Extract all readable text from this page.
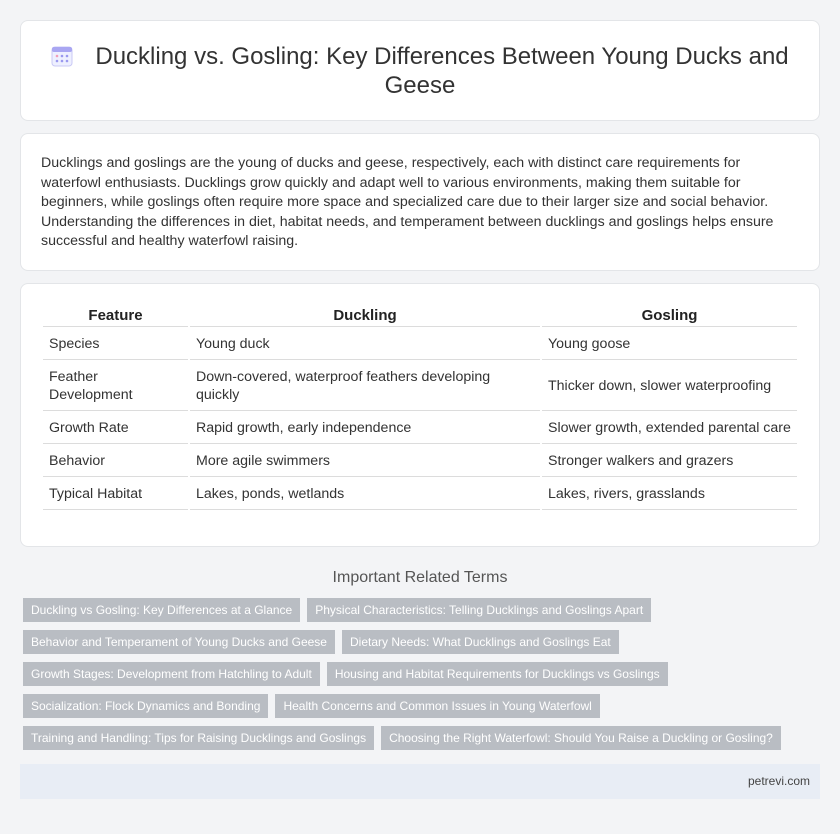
Duckling vs. Gosling: Key Differences Between Young Ducks and Geese

Ducklings and goslings are the young of ducks and geese, respectively, each with distinct care requirements for waterfowl enthusiasts. Ducklings grow quickly and adapt well to various environments, making them suitable for beginners, while goslings often require more space and specialized care due to their larger size and social behavior. Understanding the differences in diet, habitat needs, and temperament between ducklings and goslings helps ensure successful and healthy waterfowl raising.

Feature	Duckling	Gosling
Species	Young duck	Young goose
Feather Development	Down-covered, waterproof feathers developing quickly	Thicker down, slower waterproofing
Growth Rate	Rapid growth, early independence	Slower growth, extended parental care
Behavior	More agile swimmers	Stronger walkers and grazers
Typical Habitat	Lakes, ponds, wetlands	Lakes, rivers, grasslands
Important Related Terms
Duckling vs Gosling: Key Differences at a Glance	Physical Characteristics: Telling Ducklings and Goslings Apart
Behavior and Temperament of Young Ducks and Geese	Dietary Needs: What Ducklings and Goslings Eat
Growth Stages: Development from Hatchling to Adult	Housing and Habitat Requirements for Ducklings vs Goslings
Socialization: Flock Dynamics and Bonding	Health Concerns and Common Issues in Young Waterfowl
Training and Handling: Tips for Raising Ducklings and Goslings	Choosing the Right Waterfowl: Should You Raise a Duckling or Gosling?
petrevi.com
